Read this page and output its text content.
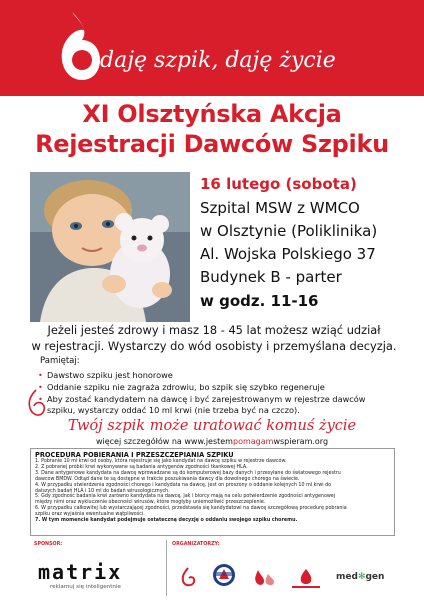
daję szpik, daję życie
XI Olsztyńska Akcja
Rejestracji Dawców Szpiku
16 lutego (sobota)
Szpital MSW z WMCO
w Olsztynie (Poliklinika)
Al. Wojska Polskiego 37
Budynek B - parter
w godz. 11-16
Jeżeli jesteś zdrowy i masz 18 - 45 lat możesz wziąć udział
w rejestracji. Wystarczy do wód osobisty i przemyślana decyzja.
Pamiętaj:
• Dawstwo szpiku jest honorowe
• Oddanie szpiku nie zagraża zdrowiu, bo szpik się szybko regeneruje
• Aby zostać kandydatem na dawcę i być zarejestrowanym w rejestrze dawców
szpiku, wystarczy oddać 10 ml krwi (nie trzeba być na czczo).
Twój szpik może uratować komuś życie
więcej szczegółów na www.jestempomagamwspieram.org
PROCEDURA POBIERANIA I PRZESZCZEPIANIA SZPIKU
1. Pobranie 10 ml krwi od osoby, która rejestruje się jako kandydat na dawcę szpiku w rejestrze dawców.
2. Z pobranej próbki krwi wykonywane są badania antygenów zgodności tkankowej HLA.
3. Dane antygenowe kandydata na dawcę wprowadzane są do komputerowej bazy danych i przesyłane do światowego rejestru
dawców BMDW. Odtąd dane te są dostępne w trakcie poszukiwania dawcy dla dowolnego chorego na świecie.
4. W przypadku stwierdzenia zgodności chorego i kandydata na dawcę, jest on proszony o oddanie kolejnych 10 ml krwi do
dalszych badań HLA i 10 ml do badań wirusologicznych.
5. Gdy zgodność badania krwi zarówno kandydata na dawcę, jak i biorcy mają na celu potwierdzenie zgodności antygenowej
między nimi oraz wykluczenie obecności wirusów, które mogłyby uniemożliwić przeszczepienie.
6. W przypadku całkowitej lub wystarczającej zgodności, przedstawia się kandydatowi na dawcę szczegółową procedurę pobrania
szpiku oraz wyjaśnia ewentualne wątpliwości.
7. W tym momencie kandydat podejmuje ostateczną decyzję o oddaniu swojego szpiku choremu.
SPONSOR:	ORGANIZATORZY:
matrix
reklamuj się inteligentnie
med✻gen
